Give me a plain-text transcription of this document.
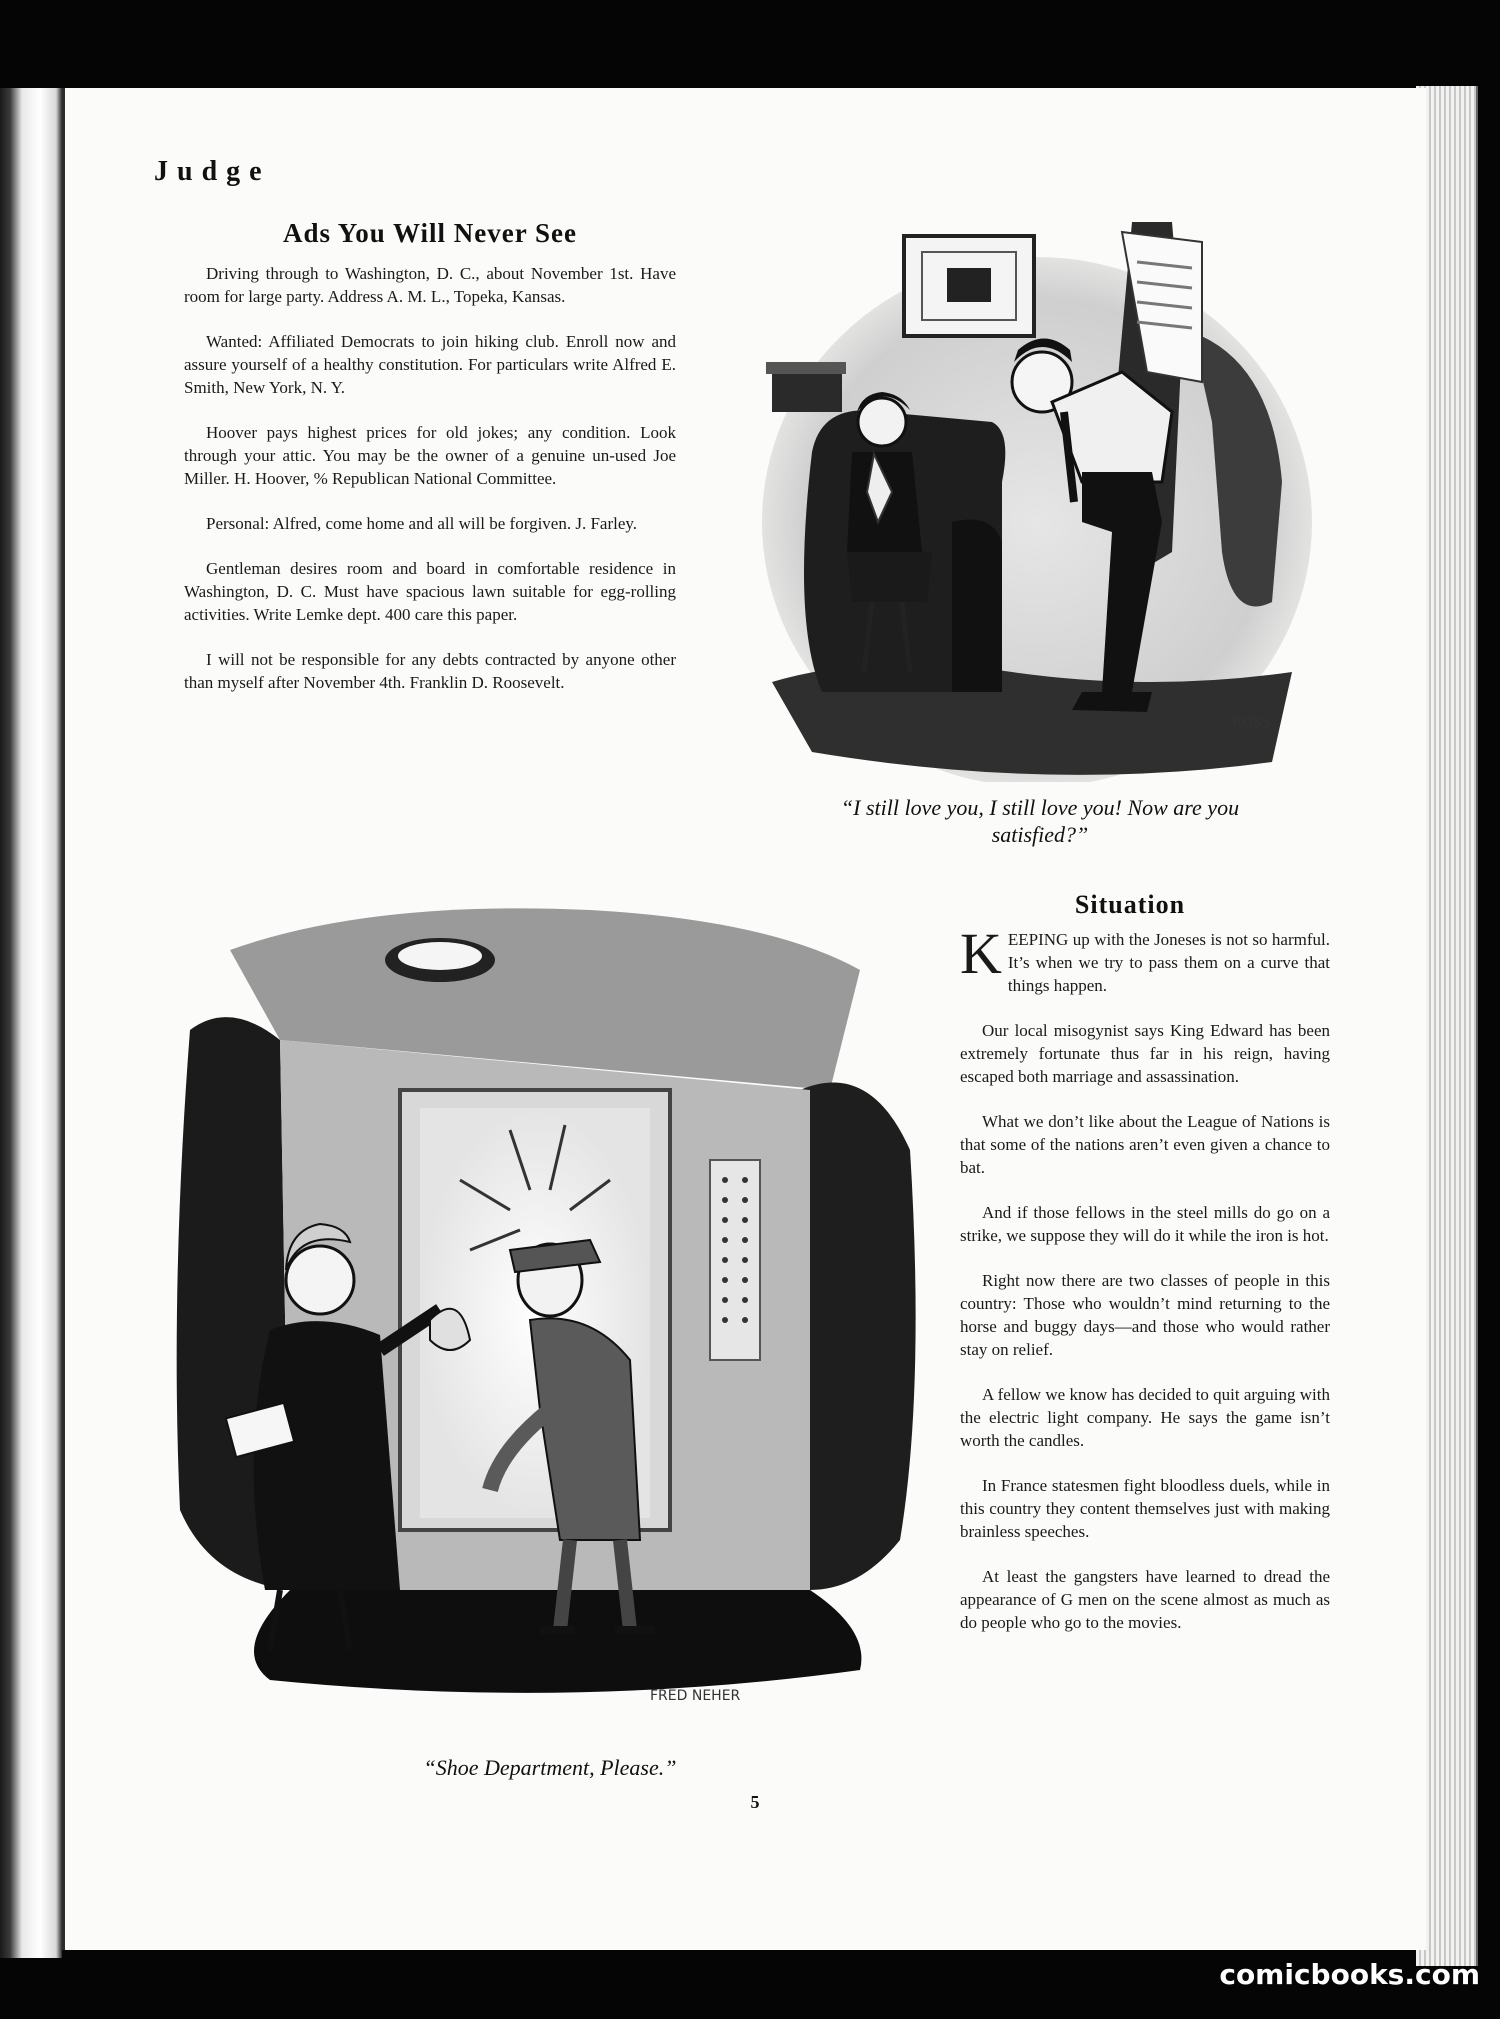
Judge
Ads You Will Never See

Driving through to Washington, D. C., about November 1st. Have room for large party. Address A. M. L., Topeka, Kansas.

Wanted: Affiliated Democrats to join hiking club. Enroll now and assure yourself of a healthy constitution. For particulars write Alfred E. Smith, New York, N. Y.

Hoover pays highest prices for old jokes; any condition. Look through your attic. You may be the owner of a genuine un-used Joe Miller. H. Hoover, % Republican National Committee.

Personal: Alfred, come home and all will be forgiven. J. Farley.

Gentleman desires room and board in comfortable residence in Washington, D. C. Must have spacious lawn suitable for egg-rolling activities. Write Lemke dept. 400 care this paper.

I will not be responsible for any debts contracted by anyone other than myself after November 4th. Franklin D. Roosevelt.

ROSS
“I still love you, I still love you! Now are you satisfied?”
Situation

KEEPING up with the Joneses is not so harmful. It’s when we try to pass them on a curve that things happen.

Our local misogynist says King Edward has been extremely fortunate thus far in his reign, having escaped both marriage and assassination.

What we don’t like about the League of Nations is that some of the nations aren’t even given a chance to bat.

And if those fellows in the steel mills do go on a strike, we suppose they will do it while the iron is hot.

Right now there are two classes of people in this country: Those who wouldn’t mind returning to the horse and buggy days—and those who would rather stay on relief.

A fellow we know has decided to quit arguing with the electric light company. He says the game isn’t worth the candles.

In France statesmen fight bloodless duels, while in this country they content themselves just with making brainless speeches.

At least the gangsters have learned to dread the appearance of G men on the scene almost as much as do people who go to the movies.

FRED NEHER
“Shoe Department, Please.”
5
comicbooks.com
